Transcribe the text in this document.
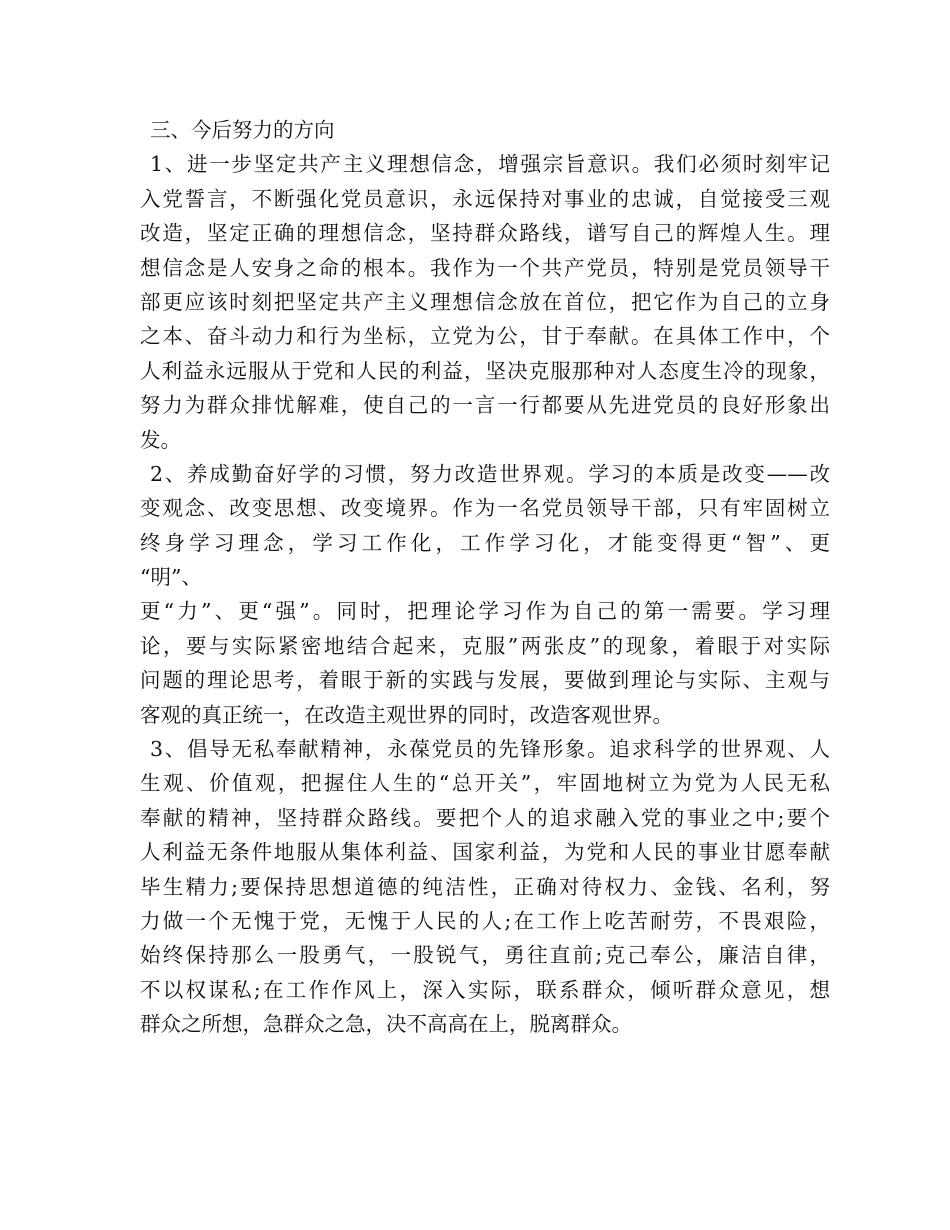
三、今后努力的方向
1、进一步坚定共产主义理想信念，增强宗旨意识。我们必须时刻牢记
入党誓言，不断强化党员意识，永远保持对事业的忠诚，自觉接受三观
改造，坚定正确的理想信念，坚持群众路线，谱写自己的辉煌人生。理
想信念是人安身之命的根本。我作为一个共产党员，特别是党员领导干
部更应该时刻把坚定共产主义理想信念放在首位，把它作为自己的立身
之本、奋斗动力和行为坐标，立党为公，甘于奉献。在具体工作中，个
人利益永远服从于党和人民的利益，坚决克服那种对人态度生冷的现象，
努力为群众排忧解难，使自己的一言一行都要从先进党员的良好形象出
发。
2、养成勤奋好学的习惯，努力改造世界观。学习的本质是改变——改
变观念、改变思想、改变境界。作为一名党员领导干部，只有牢固树立
终身学习理念，学习工作化，工作学习化，才能变得更“智”、更
“明”、
更“力”、更“强”。同时，把理论学习作为自己的第一需要。学习理
论，要与实际紧密地结合起来，克服”两张皮”的现象，着眼于对实际
问题的理论思考，着眼于新的实践与发展，要做到理论与实际、主观与
客观的真正统一，在改造主观世界的同时，改造客观世界。
3、倡导无私奉献精神，永葆党员的先锋形象。追求科学的世界观、人
生观、价值观，把握住人生的“总开关”，牢固地树立为党为人民无私
奉献的精神，坚持群众路线。要把个人的追求融入党的事业之中;要个
人利益无条件地服从集体利益、国家利益，为党和人民的事业甘愿奉献
毕生精力;要保持思想道德的纯洁性，正确对待权力、金钱、名利，努
力做一个无愧于党，无愧于人民的人;在工作上吃苦耐劳，不畏艰险，
始终保持那么一股勇气，一股锐气，勇往直前;克己奉公，廉洁自律，
不以权谋私;在工作作风上，深入实际，联系群众，倾听群众意见，想
群众之所想，急群众之急，决不高高在上，脱离群众。
